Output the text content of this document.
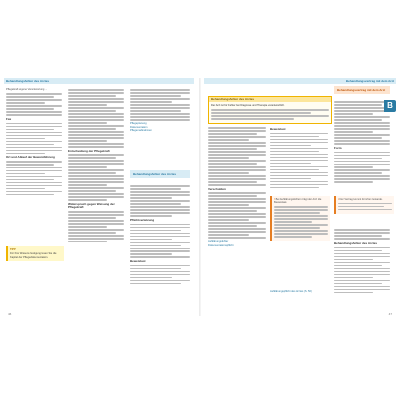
Behandlungsfehler des Arztes

Pflegekraft eigene Verantwortung ...

Fax
Ort und Ablauf der Beweisführung
TIPP
Für Ihre Wissens festigung lesen Sie die Kapitel der Pflegedokumentation.
Entscheidung der Pflegekraft
Widerspruch gegen Weisung der Pflegekraft
Pflegeplanung
Dokumentation
Pflegemaßnahmen
Behandlungsfehler des Arztes
Pflichtverletzung
Beweislast
46
Behandlungsvertrag mit dem Arzt
Behandlungsfehler des Arztes
Der Arzt ist für Fehler bei Diagnose und Therapie verantwortlich.
Verschulden
Aufklärungsfehler
Dokumentationspflicht
Beweislast
! Bei Aufklärungsfehlern trägt der Arzt die Beweislast.
Aufklärungspflicht des Arztes (S. 50)
Behandlungsvertrag mit dem Arzt
Form
i Der Vertrag kommt formfrei zustande.
Behandlungsfehler des Arztes
47
B
